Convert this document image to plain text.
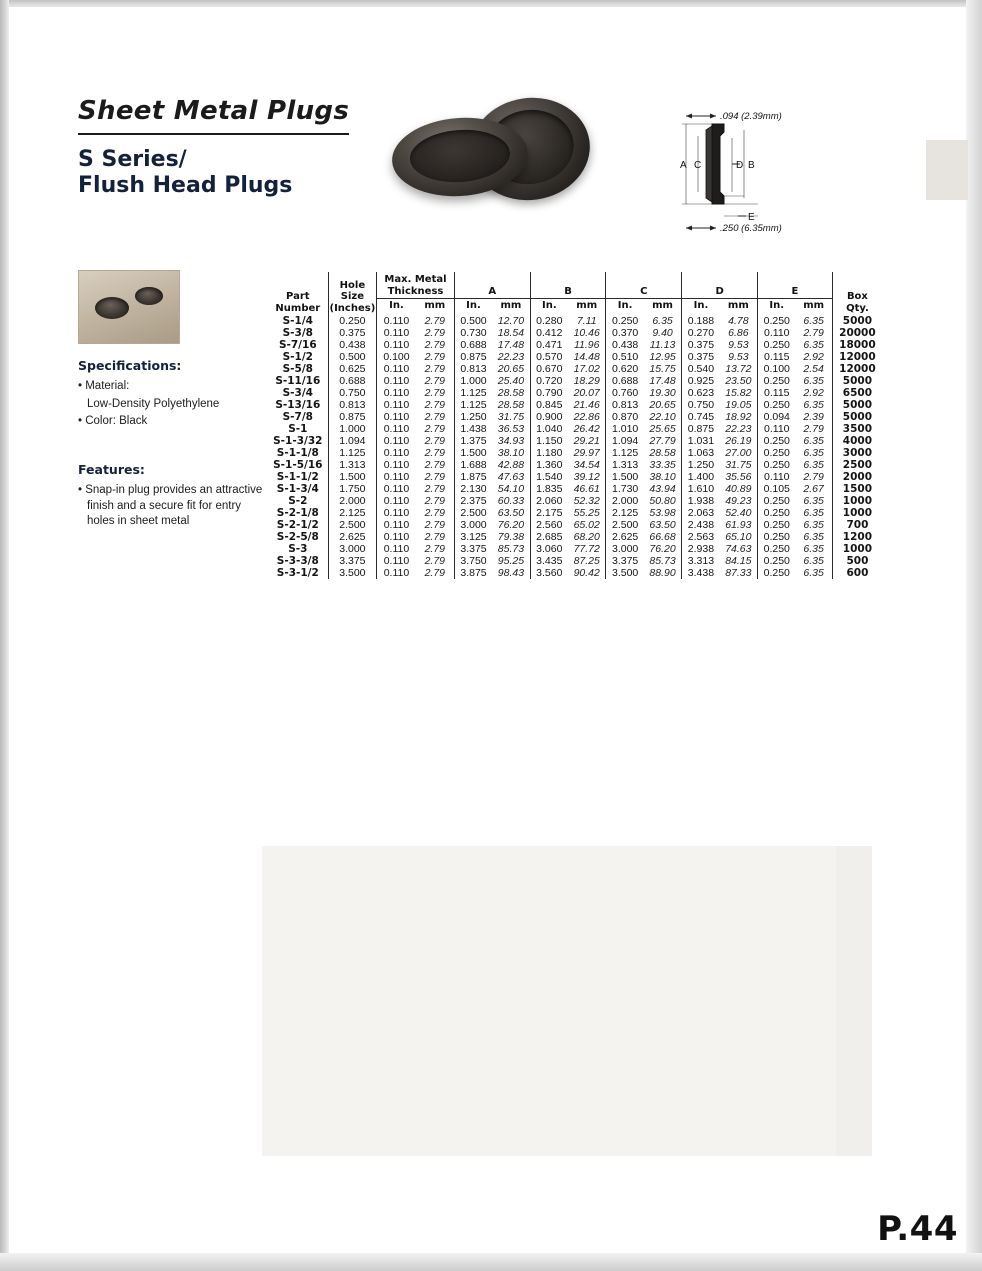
Sheet Metal Plugs
S Series/
Flush Head Plugs
.094 (2.39mm)
.250 (6.35mm)
A C	D B
E
Specifications:
• Material:
Low-Density Polyethylene
• Color: Black
Features:
• Snap-in plug provides an attractive finish and a secure fit for entry holes in sheet metal
Part
Number

Hole
Size
(Inches)

Max. Metal
Thickness	A	B	C	D	E	Box
Qty.

		In.	mm	In.	mm	In.	mm	In.	mm	In.	mm	In.	mm	
S-1/4	0.250	0.110	2.79	0.500	12.70	0.280	7.11	0.250	6.35	0.188	4.78	0.250	6.35	5000
S-3/8	0.375	0.110	2.79	0.730	18.54	0.412	10.46	0.370	9.40	0.270	6.86	0.110	2.79	20000
S-7/16	0.438	0.110	2.79	0.688	17.48	0.471	11.96	0.438	11.13	0.375	9.53	0.250	6.35	18000
S-1/2	0.500	0.100	2.79	0.875	22.23	0.570	14.48	0.510	12.95	0.375	9.53	0.115	2.92	12000
S-5/8	0.625	0.110	2.79	0.813	20.65	0.670	17.02	0.620	15.75	0.540	13.72	0.100	2.54	12000
S-11/16	0.688	0.110	2.79	1.000	25.40	0.720	18.29	0.688	17.48	0.925	23.50	0.250	6.35	5000
S-3/4	0.750	0.110	2.79	1.125	28.58	0.790	20.07	0.760	19.30	0.623	15.82	0.115	2.92	6500
S-13/16	0.813	0.110	2.79	1.125	28.58	0.845	21.46	0.813	20.65	0.750	19.05	0.250	6.35	5000
S-7/8	0.875	0.110	2.79	1.250	31.75	0.900	22.86	0.870	22.10	0.745	18.92	0.094	2.39	5000
S-1	1.000	0.110	2.79	1.438	36.53	1.040	26.42	1.010	25.65	0.875	22.23	0.110	2.79	3500
S-1-3/32	1.094	0.110	2.79	1.375	34.93	1.150	29.21	1.094	27.79	1.031	26.19	0.250	6.35	4000
S-1-1/8	1.125	0.110	2.79	1.500	38.10	1.180	29.97	1.125	28.58	1.063	27.00	0.250	6.35	3000
S-1-5/16	1.313	0.110	2.79	1.688	42.88	1.360	34.54	1.313	33.35	1.250	31.75	0.250	6.35	2500
S-1-1/2	1.500	0.110	2.79	1.875	47.63	1.540	39.12	1.500	38.10	1.400	35.56	0.110	2.79	2000
S-1-3/4	1.750	0.110	2.79	2.130	54.10	1.835	46.61	1.730	43.94	1.610	40.89	0.105	2.67	1500
S-2	2.000	0.110	2.79	2.375	60.33	2.060	52.32	2.000	50.80	1.938	49.23	0.250	6.35	1000
S-2-1/8	2.125	0.110	2.79	2.500	63.50	2.175	55.25	2.125	53.98	2.063	52.40	0.250	6.35	1000
S-2-1/2	2.500	0.110	2.79	3.000	76.20	2.560	65.02	2.500	63.50	2.438	61.93	0.250	6.35	700
S-2-5/8	2.625	0.110	2.79	3.125	79.38	2.685	68.20	2.625	66.68	2.563	65.10	0.250	6.35	1200
S-3	3.000	0.110	2.79	3.375	85.73	3.060	77.72	3.000	76.20	2.938	74.63	0.250	6.35	1000
S-3-3/8	3.375	0.110	2.79	3.750	95.25	3.435	87.25	3.375	85.73	3.313	84.15	0.250	6.35	500
S-3-1/2	3.500	0.110	2.79	3.875	98.43	3.560	90.42	3.500	88.90	3.438	87.33	0.250	6.35	600
P.44
